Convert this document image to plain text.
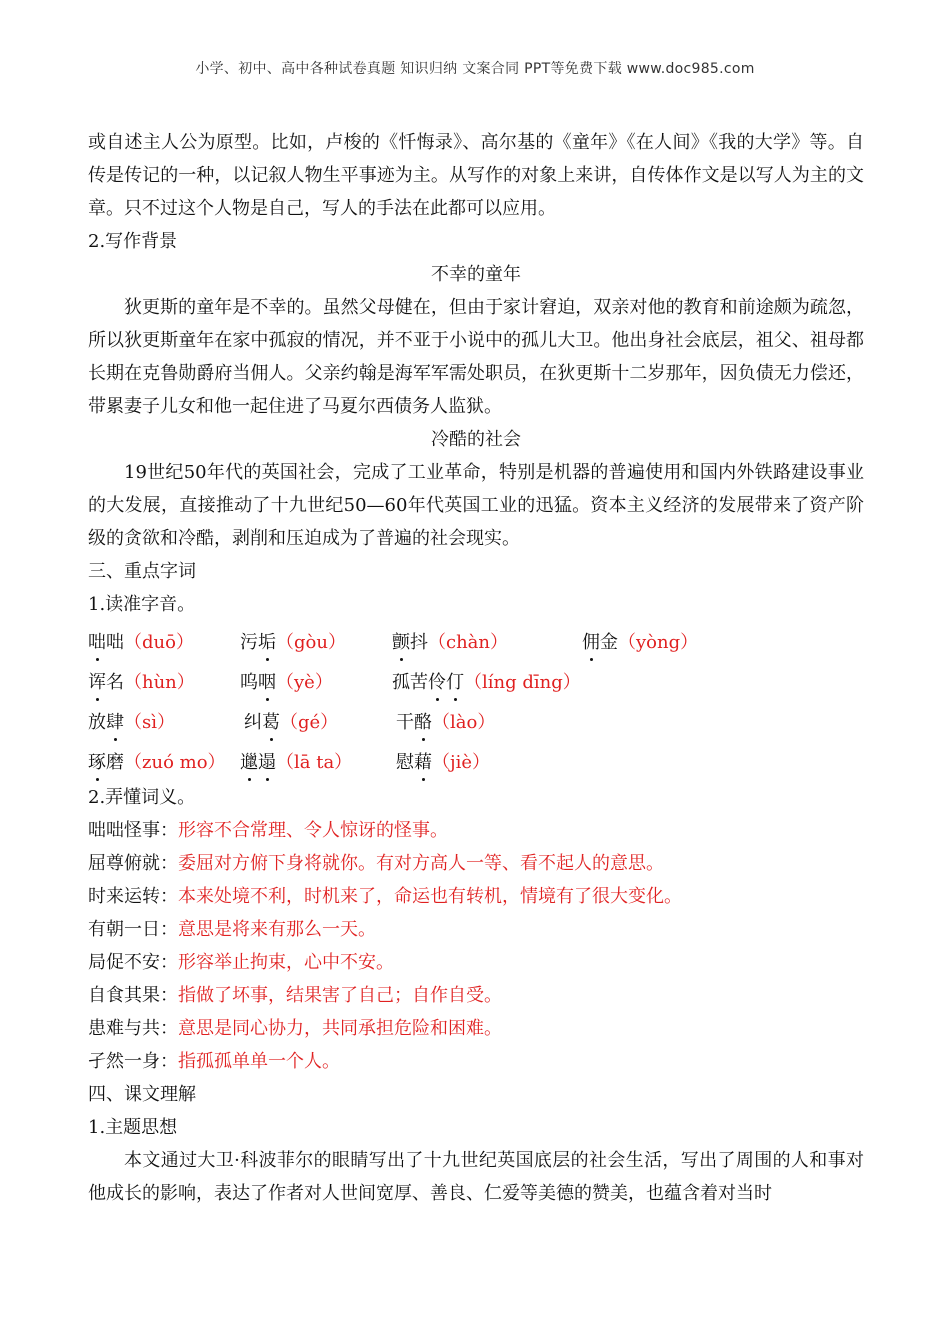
小学、初中、高中各种试卷真题 知识归纳 文案合同 PPT等免费下载 www.doc985.com

或自述主人公为原型。比如，卢梭的《忏悔录》、高尔基的《童年》《在人间》《我的大学》等。自传是传记的一种，以记叙人物生平事迹为主。从写作的对象上来讲，自传体作文是以写人为主的文章。只不过这个人物是自己，写人的手法在此都可以应用。

2.写作背景

不幸的童年

狄更斯的童年是不幸的。虽然父母健在，但由于家计窘迫，双亲对他的教育和前途颇为疏忽，所以狄更斯童年在家中孤寂的情况，并不亚于小说中的孤儿大卫。他出身社会底层，祖父、祖母都长期在克鲁勋爵府当佣人。父亲约翰是海军军需处职员，在狄更斯十二岁那年，因负债无力偿还，带累妻子儿女和他一起住进了马夏尔西债务人监狱。

冷酷的社会

19世纪50年代的英国社会，完成了工业革命，特别是机器的普遍使用和国内外铁路建设事业的大发展，直接推动了十九世纪50—60年代英国工业的迅猛。资本主义经济的发展带来了资产阶级的贪欲和冷酷，剥削和压迫成为了普遍的社会现实。

三、重点字词

1.读准字音。

咄咄（duō）	污垢（gòu）	颤抖（chàn）	佣金（yòng）
诨名（hùn）	呜咽（yè）	孤苦伶仃（líng dīng）
放肆（sì）	纠葛（gé）	干酪（lào）
琢磨（zuó mo） 邋遢（lā ta）	慰藉（jiè）

2.弄懂词义。

咄咄怪事：形容不合常理、令人惊讶的怪事。

屈尊俯就：委屈对方俯下身将就你。有对方高人一等、看不起人的意思。

时来运转：本来处境不利，时机来了，命运也有转机，情境有了很大变化。

有朝一日：意思是将来有那么一天。

局促不安：形容举止拘束，心中不安。

自食其果：指做了坏事，结果害了自己；自作自受。

患难与共：意思是同心协力，共同承担危险和困难。

孑然一身：指孤孤单单一个人。

四、课文理解

1.主题思想

本文通过大卫·科波菲尔的眼睛写出了十九世纪英国底层的社会生活，写出了周围的人和事对他成长的影响，表达了作者对人世间宽厚、善良、仁爱等美德的赞美，也蕴含着对当时
